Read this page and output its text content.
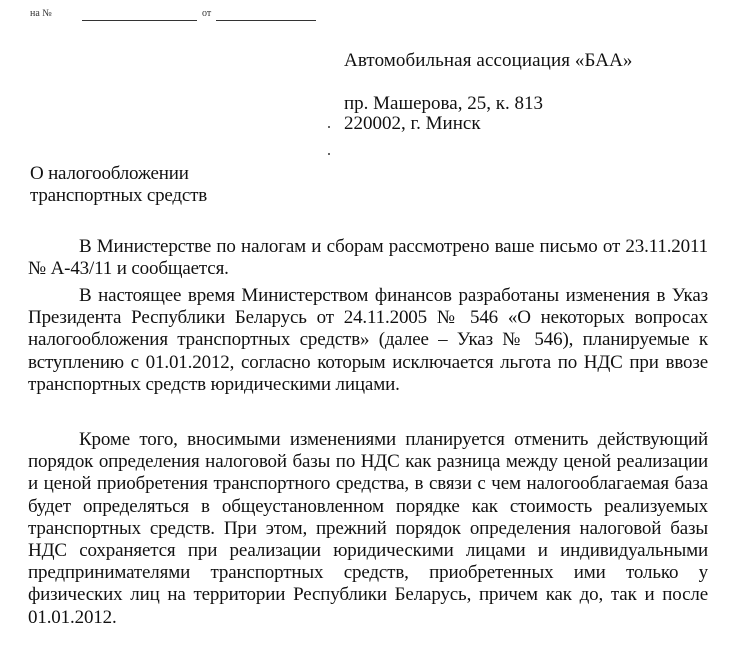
на №	от
Автомобильная ассоциация «БАА»
пр. Машерова, 25, к. 813
220002, г. Минск
О налогообложении
транспортных средств
В Министерстве по налогам и сборам рассмотрено ваше письмо от 23.11.2011 № А-43/11 и сообщается.
В настоящее время Министерством финансов разработаны изменения в Указ Президента Республики Беларусь от 24.11.2005 № 546 «О некоторых вопросах налогообложения транспортных средств» (далее – Указ № 546), планируемые к вступлению с 01.01.2012, согласно которым исключается льгота по НДС при ввозе транспортных средств юридическими лицами.
Кроме того, вносимыми изменениями планируется отменить действующий порядок определения налоговой базы по НДС как разница между ценой реализации и ценой приобретения транспортного средства, в связи с чем налогооблагаемая база будет определяться в общеустановленном порядке как стоимость реализуемых транспортных средств. При этом, прежний порядок определения налоговой базы НДС сохраняется при реализации юридическими лицами и индивидуальными предпринимателями транспортных средств, приобретенных ими только у физических лиц на территории Республики Беларусь, причем как до, так и после 01.01.2012.
